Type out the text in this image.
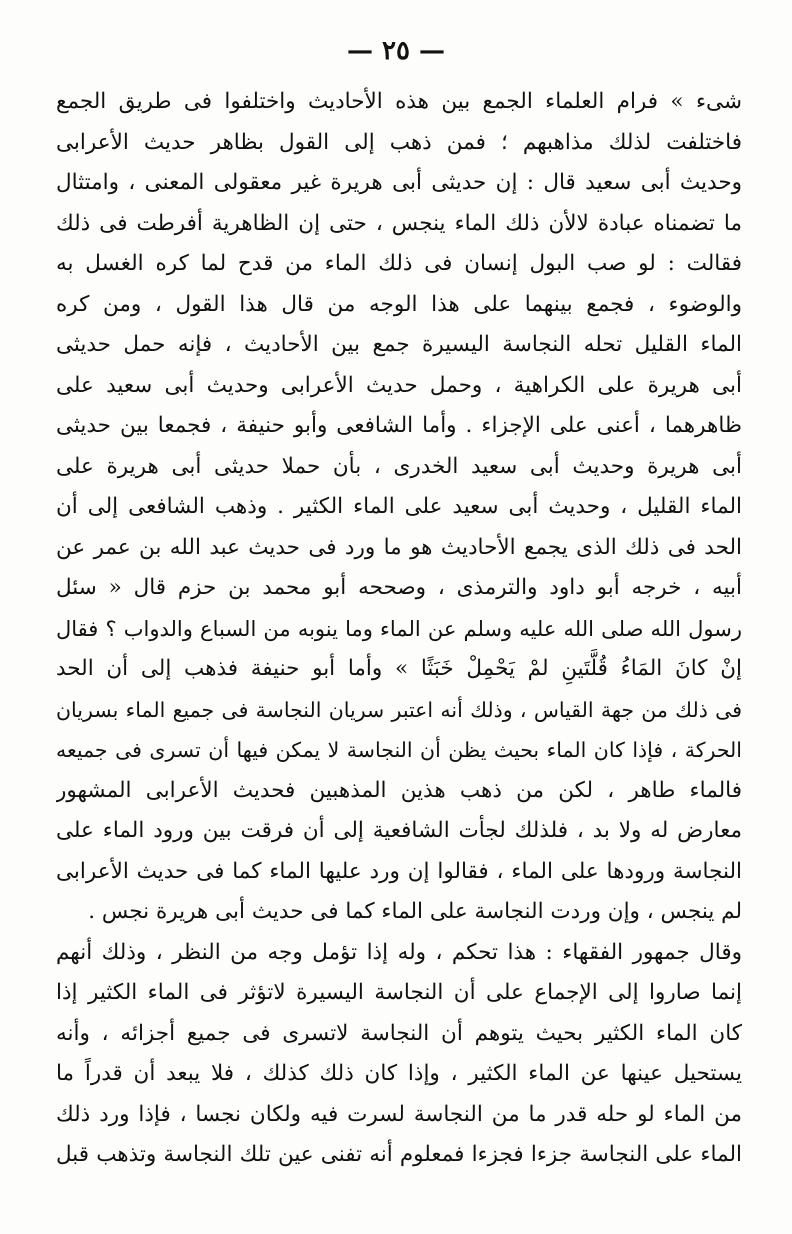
— ٢٥ —
شىء » فرام العلماء الجمع بين هذه الأحاديث واختلفوا فى طريق الجمع
فاختلفت لذلك مذاهبهم ؛ فمن ذهب إلى القول بظاهر حديث الأعرابى
وحديث أبى سعيد قال : إن حديثى أبى هريرة غير معقولى المعنى ، وامتثال
ما تضمناه عبادة لالأن ذلك الماء ينجس ، حتى إن الظاهرية أفرطت فى ذلك
فقالت : لو صب البول إنسان فى ذلك الماء من قدح لما كره الغسل به
والوضوء ، فجمع بينهما على هذا الوجه من قال هذا القول ، ومن كره
الماء القليل تحله النجاسة اليسيرة جمع بين الأحاديث ، فإنه حمل حديثى
أبى هريرة على الكراهية ، وحمل حديث الأعرابى وحديث أبى سعيد على
ظاهرهما ، أعنى على الإجزاء . وأما الشافعى وأبو حنيفة ، فجمعا بين حديثى
أبى هريرة وحديث أبى سعيد الخدرى ، بأن حملا حديثى أبى هريرة على
الماء القليل ، وحديث أبى سعيد على الماء الكثير . وذهب الشافعى إلى أن
الحد فى ذلك الذى يجمع الأحاديث هو ما ورد فى حديث عبد الله بن عمر عن
أبيه ، خرجه أبو داود والترمذى ، وصححه أبو محمد بن حزم قال « سئل
رسول الله صلى الله عليه وسلم عن الماء وما ينوبه من السباع والدواب ؟ فقال
إنْ كانَ المَاءُ قُلَّتَينِ لمْ يَحْمِلْ خَبَثًا » وأما أبو حنيفة فذهب إلى أن الحد
فى ذلك من جهة القياس ، وذلك أنه اعتبر سريان النجاسة فى جميع الماء بسريان
الحركة ، فإذا كان الماء بحيث يظن أن النجاسة لا يمكن فيها أن تسرى فى جميعه
فالماء طاهر ، لكن من ذهب هذين المذهبين فحديث الأعرابى المشهور
معارض له ولا بد ، فلذلك لجأت الشافعية إلى أن فرقت بين ورود الماء على
النجاسة ورودها على الماء ، فقالوا إن ورد عليها الماء كما فى حديث الأعرابى
لم ينجس ، وإن وردت النجاسة على الماء كما فى حديث أبى هريرة نجس .
وقال جمهور الفقهاء : هذا تحكم ، وله إذا تؤمل وجه من النظر ، وذلك أنهم
إنما صاروا إلى الإجماع على أن النجاسة اليسيرة لاتؤثر فى الماء الكثير إذا
كان الماء الكثير بحيث يتوهم أن النجاسة لاتسرى فى جميع أجزائه ، وأنه
يستحيل عينها عن الماء الكثير ، وإذا كان ذلك كذلك ، فلا يبعد أن قدراً ما
من الماء لو حله قدر ما من النجاسة لسرت فيه ولكان نجسا ، فإذا ورد ذلك
الماء على النجاسة جزءا فجزءا فمعلوم أنه تفنى عين تلك النجاسة وتذهب قبل
